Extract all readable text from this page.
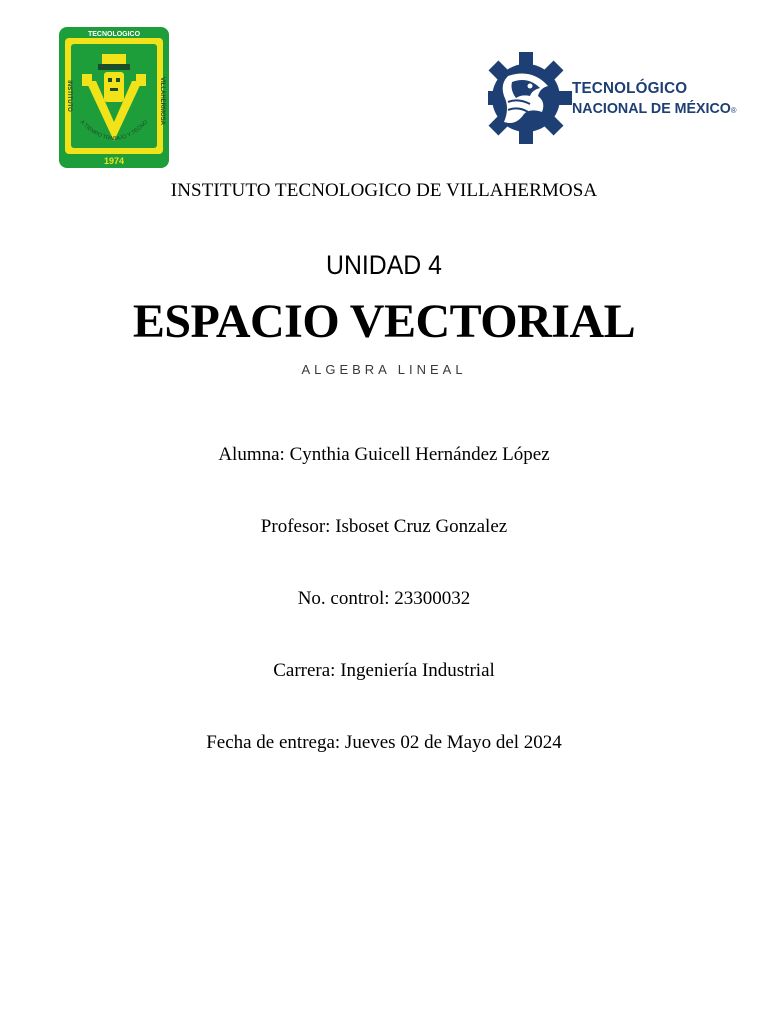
TECNOLOGICO
INSTITUTO	VILLAHERMOSA
A TIEMPO TRABAJO Y TECNO
1974
TECNOLÓGICO
NACIONAL DE MÉXICO®
INSTITUTO TECNOLOGICO DE VILLAHERMOSA
UNIDAD 4
ESPACIO VECTORIAL
ALGEBRA LINEAL
Alumna: Cynthia Guicell Hernández López
Profesor: Isboset Cruz Gonzalez
No. control: 23300032
Carrera: Ingeniería Industrial
Fecha de entrega: Jueves 02 de Mayo del 2024
